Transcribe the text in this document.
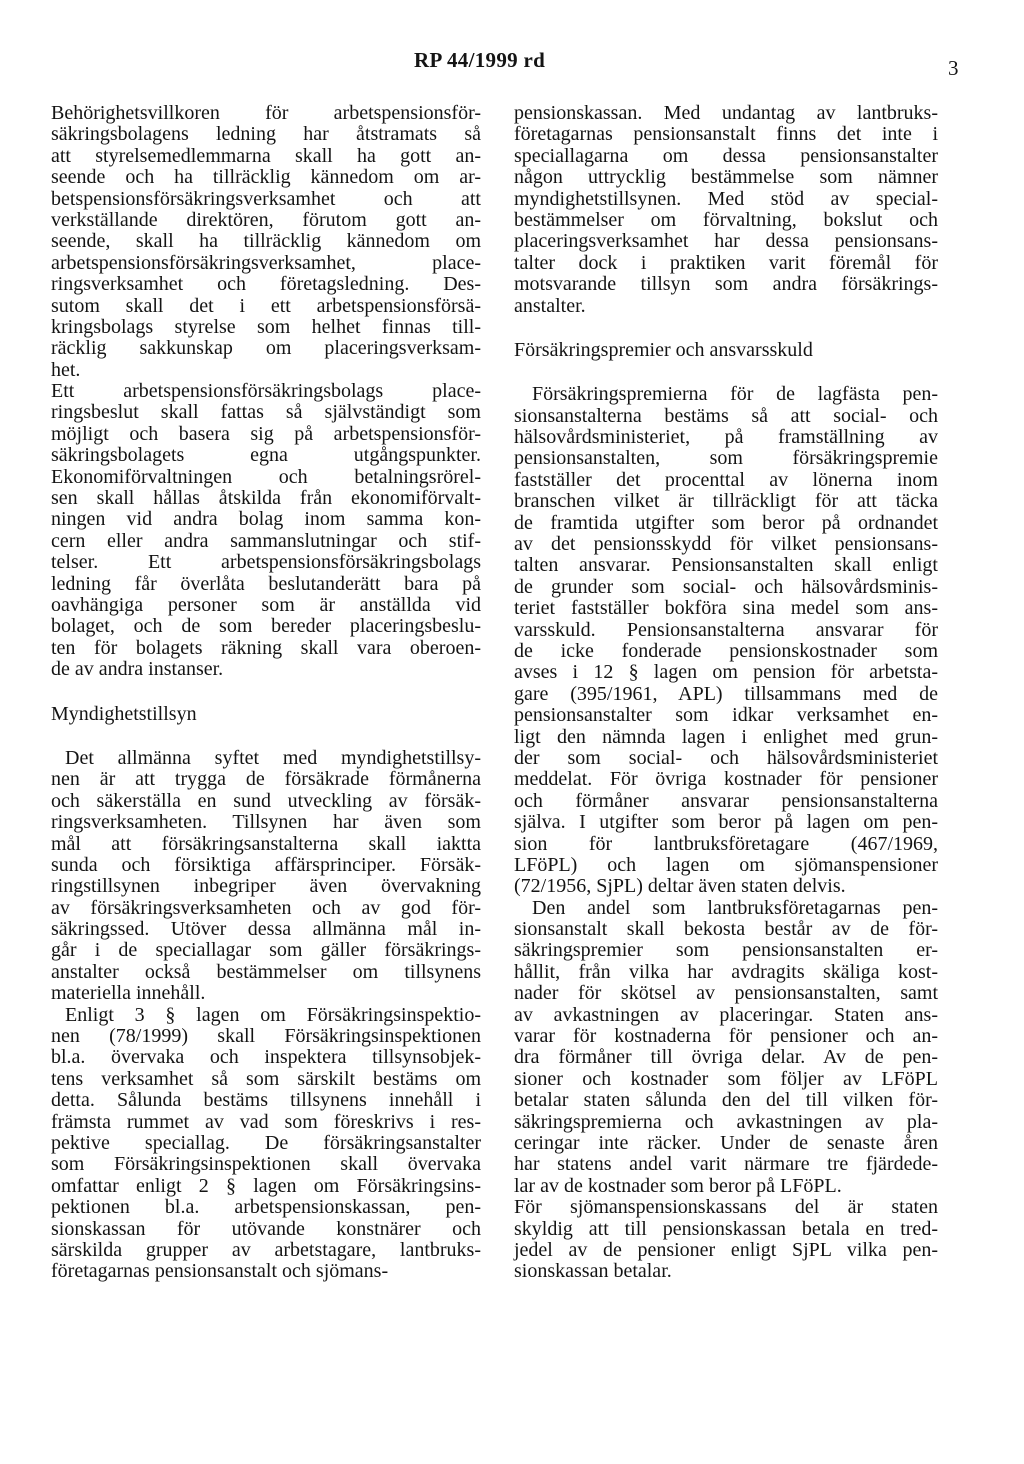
RP 44/1999 rd	3
Behörighetsvillkoren för arbetspensionsför-
säkringsbolagens ledning har åtstramats så
att styrelsemedlemmarna skall ha gott an-
seende och ha tillräcklig kännedom om ar-
betspensionsförsäkringsverksamhet och att
verkställande direktören, förutom gott an-
seende, skall ha tillräcklig kännedom om
arbetspensionsförsäkringsverksamhet, place-
ringsverksamhet och företagsledning. Des-
sutom skall det i ett arbetspensionsförsä-
kringsbolags styrelse som helhet finnas till-
räcklig sakkunskap om placeringsverksam-
het.
Ett arbetspensionsförsäkringsbolags place-
ringsbeslut skall fattas så självständigt som
möjligt och basera sig på arbetspensionsför-
säkringsbolagets egna utgångspunkter.
Ekonomiförvaltningen och betalningsrörel-
sen skall hållas åtskilda från ekonomiförvalt-
ningen vid andra bolag inom samma kon-
cern eller andra sammanslutningar och stif-
telser. Ett arbetspensionsförsäkringsbolags
ledning får överlåta beslutanderätt bara på
oavhängiga personer som är anställda vid
bolaget, och de som bereder placeringsbeslu-
ten för bolagets räkning skall vara oberoen-
de av andra instanser.
Myndighetstillsyn
Det allmänna syftet med myndighetstillsy-
nen är att trygga de försäkrade förmånerna
och säkerställa en sund utveckling av försäk-
ringsverksamheten. Tillsynen har även som
mål att försäkringsanstalterna skall iaktta
sunda och försiktiga affärsprinciper. Försäk-
ringstillsynen inbegriper även övervakning
av försäkringsverksamheten och av god för-
säkringssed. Utöver dessa allmänna mål in-
går i de speciallagar som gäller försäkrings-
anstalter också bestämmelser om tillsynens
materiella innehåll.
Enligt 3 § lagen om Försäkringsinspektio-
nen (78/1999) skall Försäkringsinspektionen
bl.a. övervaka och inspektera tillsynsobjek-
tens verksamhet så som särskilt bestäms om
detta. Sålunda bestäms tillsynens innehåll i
främsta rummet av vad som föreskrivs i res-
pektive speciallag. De försäkringsanstalter
som Försäkringsinspektionen skall övervaka
omfattar enligt 2 § lagen om Försäkringsins-
pektionen bl.a. arbetspensionskassan, pen-
sionskassan för utövande konstnärer och
särskilda grupper av arbetstagare, lantbruks-
företagarnas pensionsanstalt och sjömans-
pensionskassan. Med undantag av lantbruks-
företagarnas pensionsanstalt finns det inte i
speciallagarna om dessa pensionsanstalter
någon uttrycklig bestämmelse som nämner
myndighetstillsynen. Med stöd av special-
bestämmelser om förvaltning, bokslut och
placeringsverksamhet har dessa pensionsans-
talter dock i praktiken varit föremål för
motsvarande tillsyn som andra försäkrings-
anstalter.
Försäkringspremier och ansvarsskuld
Försäkringspremierna för de lagfästa pen-
sionsanstalterna bestäms så att social- och
hälsovårdsministeriet, på framställning av
pensionsanstalten, som försäkringspremie
fastställer det procenttal av lönerna inom
branschen vilket är tillräckligt för att täcka
de framtida utgifter som beror på ordnandet
av det pensionsskydd för vilket pensionsans-
talten ansvarar. Pensionsanstalten skall enligt
de grunder som social- och hälsovårdsminis-
teriet fastställer bokföra sina medel som ans-
varsskuld. Pensionsanstalterna ansvarar för
de icke fonderade pensionskostnader som
avses i 12 § lagen om pension för arbetsta-
gare (395/1961, APL) tillsammans med de
pensionsanstalter som idkar verksamhet en-
ligt den nämnda lagen i enlighet med grun-
der som social- och hälsovårdsministeriet
meddelat. För övriga kostnader för pensioner
och förmåner ansvarar pensionsanstalterna
själva. I utgifter som beror på lagen om pen-
sion för lantbruksföretagare (467/1969,
LFöPL) och lagen om sjömanspensioner
(72/1956, SjPL) deltar även staten delvis.
Den andel som lantbruksföretagarnas pen-
sionsanstalt skall bekosta består av de för-
säkringspremier som pensionsanstalten er-
hållit, från vilka har avdragits skäliga kost-
nader för skötsel av pensionsanstalten, samt
av avkastningen av placeringar. Staten ans-
varar för kostnaderna för pensioner och an-
dra förmåner till övriga delar. Av de pen-
sioner och kostnader som följer av LFöPL
betalar staten sålunda den del till vilken för-
säkringspremierna och avkastningen av pla-
ceringar inte räcker. Under de senaste åren
har statens andel varit närmare tre fjärdede-
lar av de kostnader som beror på LFöPL.
För sjömanspensionskassans del är staten
skyldig att till pensionskassan betala en tred-
jedel av de pensioner enligt SjPL vilka pen-
sionskassan betalar.
